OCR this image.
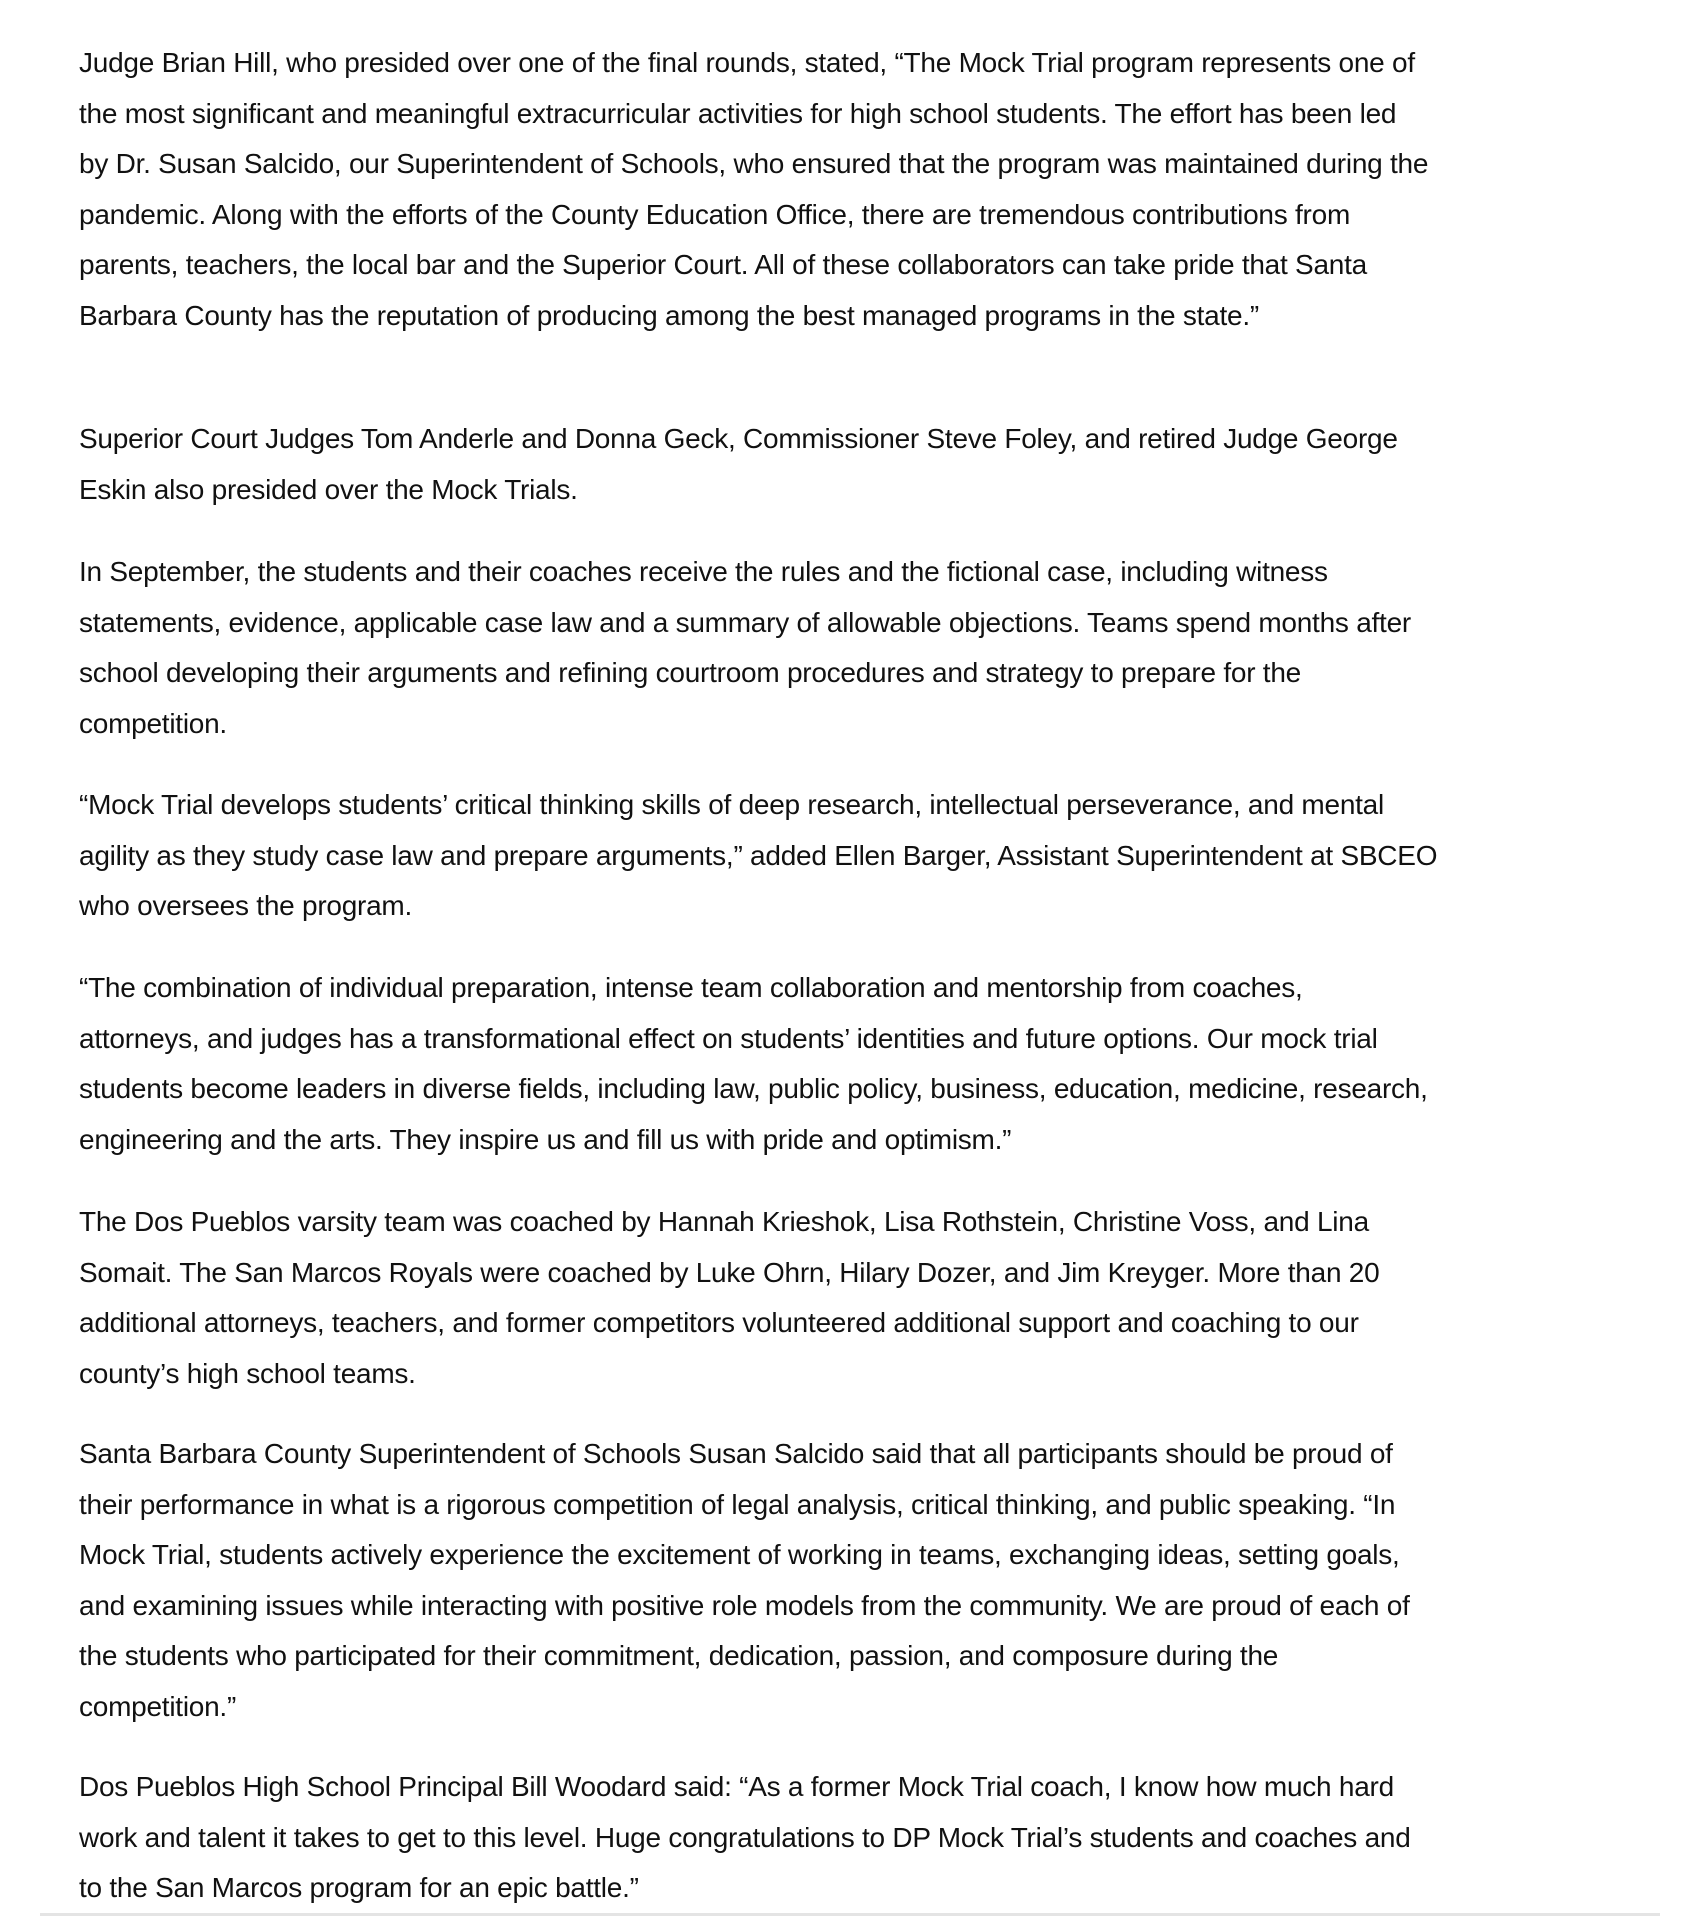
Judge Brian Hill, who presided over one of the final rounds, stated, “The Mock Trial program represents one of
the most significant and meaningful extracurricular activities for high school students. The effort has been led
by Dr. Susan Salcido, our Superintendent of Schools, who ensured that the program was maintained during the
pandemic. Along with the efforts of the County Education Office, there are tremendous contributions from
parents, teachers, the local bar and the Superior Court. All of these collaborators can take pride that Santa
Barbara County has the reputation of producing among the best managed programs in the state.”

Superior Court Judges Tom Anderle and Donna Geck, Commissioner Steve Foley, and retired Judge George
Eskin also presided over the Mock Trials.

In September, the students and their coaches receive the rules and the fictional case, including witness
statements, evidence, applicable case law and a summary of allowable objections. Teams spend months after
school developing their arguments and refining courtroom procedures and strategy to prepare for the
competition.

“Mock Trial develops students’ critical thinking skills of deep research, intellectual perseverance, and mental
agility as they study case law and prepare arguments,” added Ellen Barger, Assistant Superintendent at SBCEO
who oversees the program.

“The combination of individual preparation, intense team collaboration and mentorship from coaches,
attorneys, and judges has a transformational effect on students’ identities and future options. Our mock trial
students become leaders in diverse fields, including law, public policy, business, education, medicine, research,
engineering and the arts. They inspire us and fill us with pride and optimism.”

The Dos Pueblos varsity team was coached by Hannah Krieshok, Lisa Rothstein, Christine Voss, and Lina
Somait. The San Marcos Royals were coached by Luke Ohrn, Hilary Dozer, and Jim Kreyger. More than 20
additional attorneys, teachers, and former competitors volunteered additional support and coaching to our
county’s high school teams.

Santa Barbara County Superintendent of Schools Susan Salcido said that all participants should be proud of
their performance in what is a rigorous competition of legal analysis, critical thinking, and public speaking. “In
Mock Trial, students actively experience the excitement of working in teams, exchanging ideas, setting goals,
and examining issues while interacting with positive role models from the community. We are proud of each of
the students who participated for their commitment, dedication, passion, and composure during the
competition.”

Dos Pueblos High School Principal Bill Woodard said: “As a former Mock Trial coach, I know how much hard
work and talent it takes to get to this level. Huge congratulations to DP Mock Trial’s students and coaches and
to the San Marcos program for an epic battle.”
